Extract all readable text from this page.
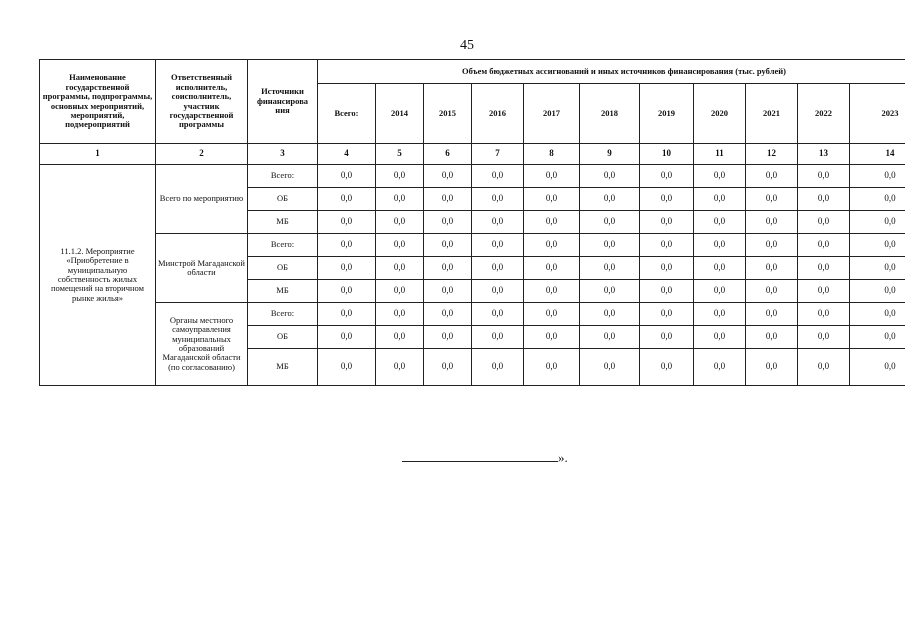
45
Наименование государственной программы, подпрограммы, основных мероприятий, мероприятий, подмероприятий	Ответственный исполнитель, соисполнитель, участник государственной программы	Источники финансирова ния	Объем бюджетных ассигнований и иных источников финансирования (тыс. рублей)										
			Всего:	2014	2015	2016	2017	2018	2019	2020	2021	2022	2023
1	2	3	4	5	6	7	8	9	10	11	12	13	14
11.1.2. Мероприятие «Приобретение в муниципальную собственность жилых помещений на вторичном рынке жилья»	Всего по мероприятию	Всего:	0,0	0,0	0,0	0,0	0,0	0,0	0,0	0,0	0,0	0,0	0,0
		ОБ	0,0	0,0	0,0	0,0	0,0	0,0	0,0	0,0	0,0	0,0	0,0
		МБ	0,0	0,0	0,0	0,0	0,0	0,0	0,0	0,0	0,0	0,0	0,0
	Минстрой Магаданской области	Всего:	0,0	0,0	0,0	0,0	0,0	0,0	0,0	0,0	0,0	0,0	0,0
		ОБ	0,0	0,0	0,0	0,0	0,0	0,0	0,0	0,0	0,0	0,0	0,0
		МБ	0,0	0,0	0,0	0,0	0,0	0,0	0,0	0,0	0,0	0,0	0,0
	Органы местного самоуправления муниципальных образований Магаданской области (по согласованию)	Всего:	0,0	0,0	0,0	0,0	0,0	0,0	0,0	0,0	0,0	0,0	0,0
		ОБ	0,0	0,0	0,0	0,0	0,0	0,0	0,0	0,0	0,0	0,0	0,0
		МБ	0,0	0,0	0,0	0,0	0,0	0,0	0,0	0,0	0,0	0,0	0,0
».
